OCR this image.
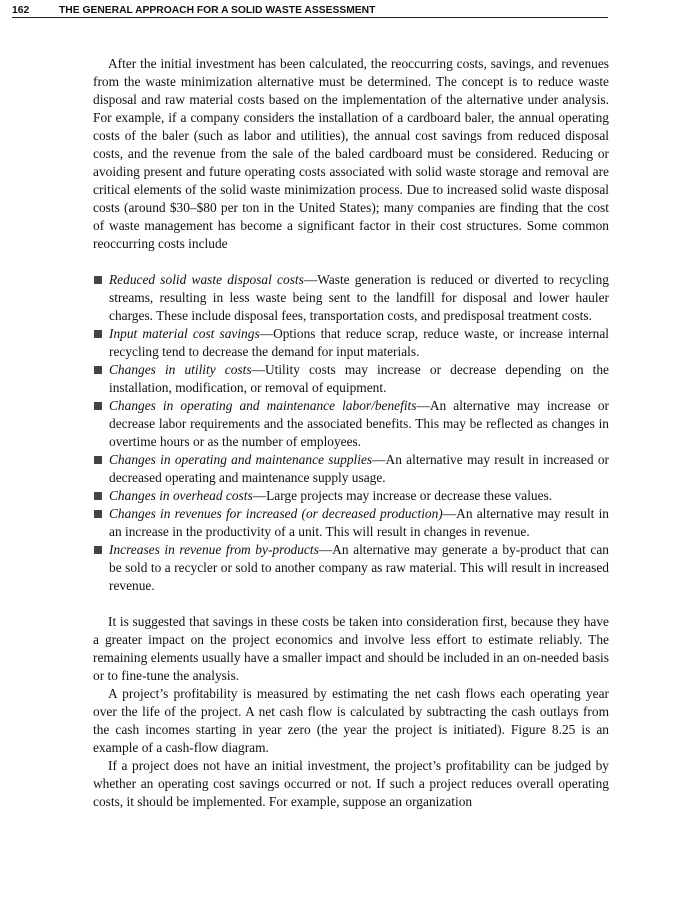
162	THE GENERAL APPROACH FOR A SOLID WASTE ASSESSMENT

After the initial investment has been calculated, the reoccurring costs, savings, and revenues from the waste minimization alternative must be determined. The concept is to reduce waste disposal and raw material costs based on the implementation of the alternative under analysis. For example, if a company considers the installation of a cardboard baler, the annual operating costs of the baler (such as labor and utilities), the annual cost savings from reduced disposal costs, and the revenue from the sale of the baled cardboard must be considered. Reducing or avoiding present and future operating costs associated with solid waste storage and removal are critical elements of the solid waste minimization process. Due to increased solid waste disposal costs (around $30–$80 per ton in the United States); many companies are finding that the cost of waste management has become a significant factor in their cost structures. Some common reoccurring costs include

Reduced solid waste disposal costs—Waste generation is reduced or diverted to recycling streams, resulting in less waste being sent to the landfill for disposal and lower hauler charges. These include disposal fees, transportation costs, and predisposal treatment costs.
Input material cost savings—Options that reduce scrap, reduce waste, or increase internal recycling tend to decrease the demand for input materials.
Changes in utility costs—Utility costs may increase or decrease depending on the installation, modification, or removal of equipment.
Changes in operating and maintenance labor/benefits—An alternative may increase or decrease labor requirements and the associated benefits. This may be reflected as changes in overtime hours or as the number of employees.
Changes in operating and maintenance supplies—An alternative may result in increased or decreased operating and maintenance supply usage.
Changes in overhead costs—Large projects may increase or decrease these values.
Changes in revenues for increased (or decreased production)—An alternative may result in an increase in the productivity of a unit. This will result in changes in revenue.
Increases in revenue from by-products—An alternative may generate a by-product that can be sold to a recycler or sold to another company as raw material. This will result in increased revenue.

It is suggested that savings in these costs be taken into consideration first, because they have a greater impact on the project economics and involve less effort to estimate reliably. The remaining elements usually have a smaller impact and should be included in an on-needed basis or to fine-tune the analysis.

A project’s profitability is measured by estimating the net cash flows each operating year over the life of the project. A net cash flow is calculated by subtracting the cash outlays from the cash incomes starting in year zero (the year the project is initiated). Figure 8.25 is an example of a cash-flow diagram.

If a project does not have an initial investment, the project’s profitability can be judged by whether an operating cost savings occurred or not. If such a project reduces overall operating costs, it should be implemented. For example, suppose an organization
